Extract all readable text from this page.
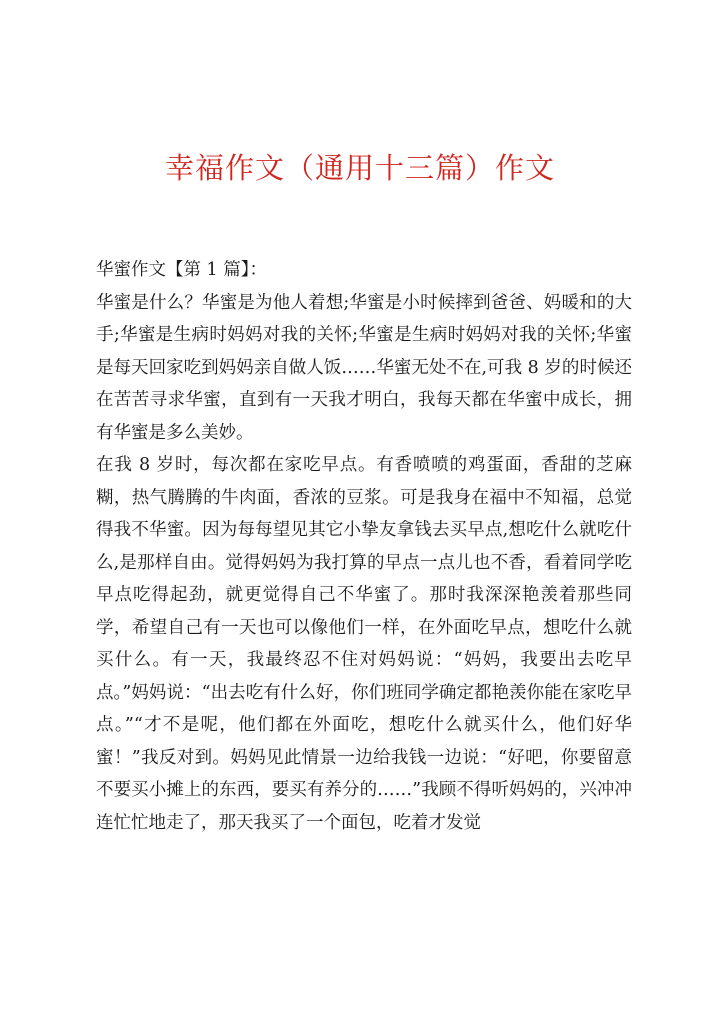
幸福作文（通用十三篇）作文

华蜜作文【第 1 篇】：

华蜜是什么？华蜜是为他人着想;华蜜是小时候摔到爸爸、妈暖和的大手;华蜜是生病时妈妈对我的关怀;华蜜是生病时妈妈对我的关怀;华蜜是每天回家吃到妈妈亲自做人饭……华蜜无处不在,可我 8 岁的时候还在苦苦寻求华蜜，直到有一天我才明白，我每天都在华蜜中成长，拥有华蜜是多么美妙。

在我 8 岁时，每次都在家吃早点。有香喷喷的鸡蛋面，香甜的芝麻糊，热气腾腾的牛肉面，香浓的豆浆。可是我身在福中不知福，总觉得我不华蜜。因为每每望见其它小挚友拿钱去买早点,想吃什么就吃什么,是那样自由。觉得妈妈为我打算的早点一点儿也不香，看着同学吃早点吃得起劲，就更觉得自己不华蜜了。那时我深深艳羡着那些同学，希望自己有一天也可以像他们一样，在外面吃早点，想吃什么就买什么。有一天，我最终忍不住对妈妈说：“妈妈，我要出去吃早点。”妈妈说：“出去吃有什么好，你们班同学确定都艳羡你能在家吃早点。”“才不是呢，他们都在外面吃，想吃什么就买什么，他们好华蜜！”我反对到。妈妈见此情景一边给我钱一边说：“好吧，你要留意不要买小摊上的东西，要买有养分的……”我顾不得听妈妈的，兴冲冲连忙忙地走了，那天我买了一个面包，吃着才发觉
